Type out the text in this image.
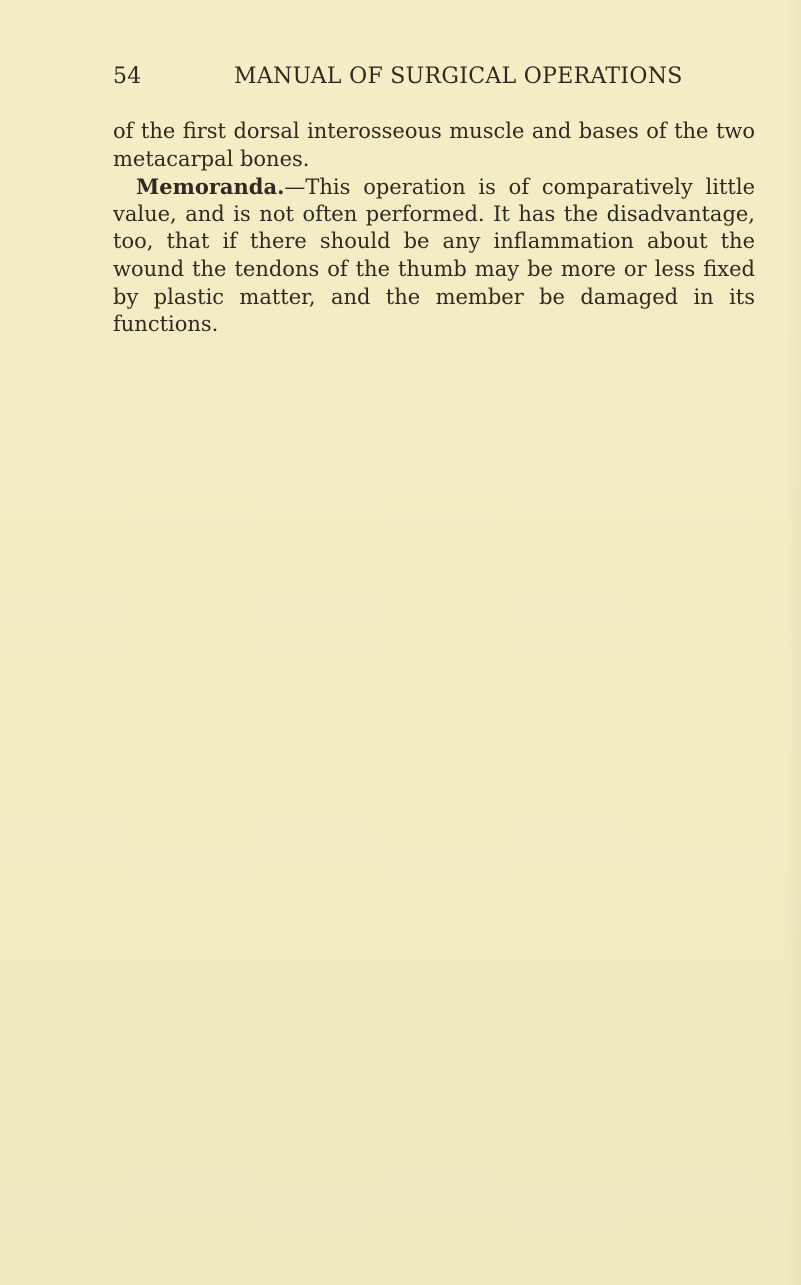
54	MANUAL OF SURGICAL OPERATIONS
of the first dorsal interosseous muscle and bases of the two
metacarpal bones.
Memoranda.—This operation is of comparatively little
value, and is not often performed. It has the disadvantage,
too, that if there should be any inflammation about the
wound the tendons of the thumb may be more or less fixed
by plastic matter, and the member be damaged in its
functions.
